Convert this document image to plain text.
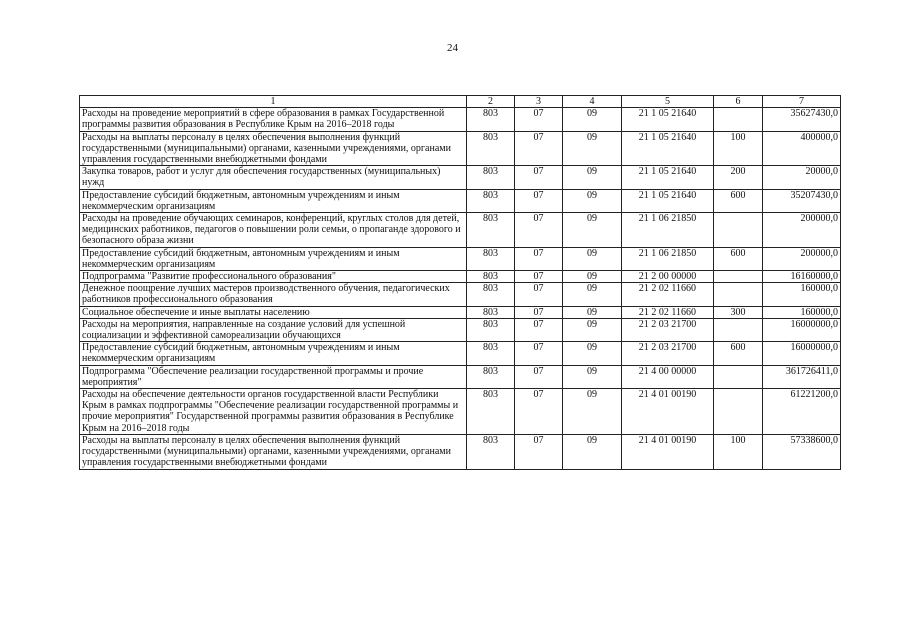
24
1	2	3	4	5	6	7
Расходы на проведение мероприятий в сфере образования в рамках Государственной программы развития образования в Республике Крым на 2016–2018 годы	803	07	09	21 1 05 21640		35627430,0
Расходы на выплаты персоналу в целях обеспечения выполнения функций государственными (муниципальными) органами, казенными учреждениями, органами управления государственными внебюджетными фондами	803	07	09	21 1 05 21640	100	400000,0
Закупка товаров, работ и услуг для обеспечения государственных (муниципальных) нужд	803	07	09	21 1 05 21640	200	20000,0
Предоставление субсидий бюджетным, автономным учреждениям и иным некоммерческим организациям	803	07	09	21 1 05 21640	600	35207430,0
Расходы на проведение обучающих семинаров, конференций, круглых столов для детей, медицинских работников, педагогов о повышении роли семьи, о пропаганде здорового и безопасного образа жизни	803	07	09	21 1 06 21850		200000,0
Предоставление субсидий бюджетным, автономным учреждениям и иным некоммерческим организациям	803	07	09	21 1 06 21850	600	200000,0
Подпрограмма "Развитие профессионального образования"	803	07	09	21 2 00 00000		16160000,0
Денежное поощрение лучших мастеров производственного обучения, педагогических работников профессионального образования	803	07	09	21 2 02 11660		160000,0
Социальное обеспечение и иные выплаты населению	803	07	09	21 2 02 11660	300	160000,0
Расходы на мероприятия, направленные на создание условий для успешной социализации и эффективной самореализации обучающихся	803	07	09	21 2 03 21700		16000000,0
Предоставление субсидий бюджетным, автономным учреждениям и иным некоммерческим организациям	803	07	09	21 2 03 21700	600	16000000,0
Подпрограмма "Обеспечение реализации государственной программы и прочие мероприятия"	803	07	09	21 4 00 00000		361726411,0
Расходы на обеспечение деятельности органов государственной власти Республики Крым в рамках подпрограммы "Обеспечение реализации государственной программы и прочие мероприятия" Государственной программы развития образования в Республике Крым на 2016–2018 годы	803	07	09	21 4 01 00190		61221200,0
Расходы на выплаты персоналу в целях обеспечения выполнения функций государственными (муниципальными) органами, казенными учреждениями, органами управления государственными внебюджетными фондами	803	07	09	21 4 01 00190	100	57338600,0
